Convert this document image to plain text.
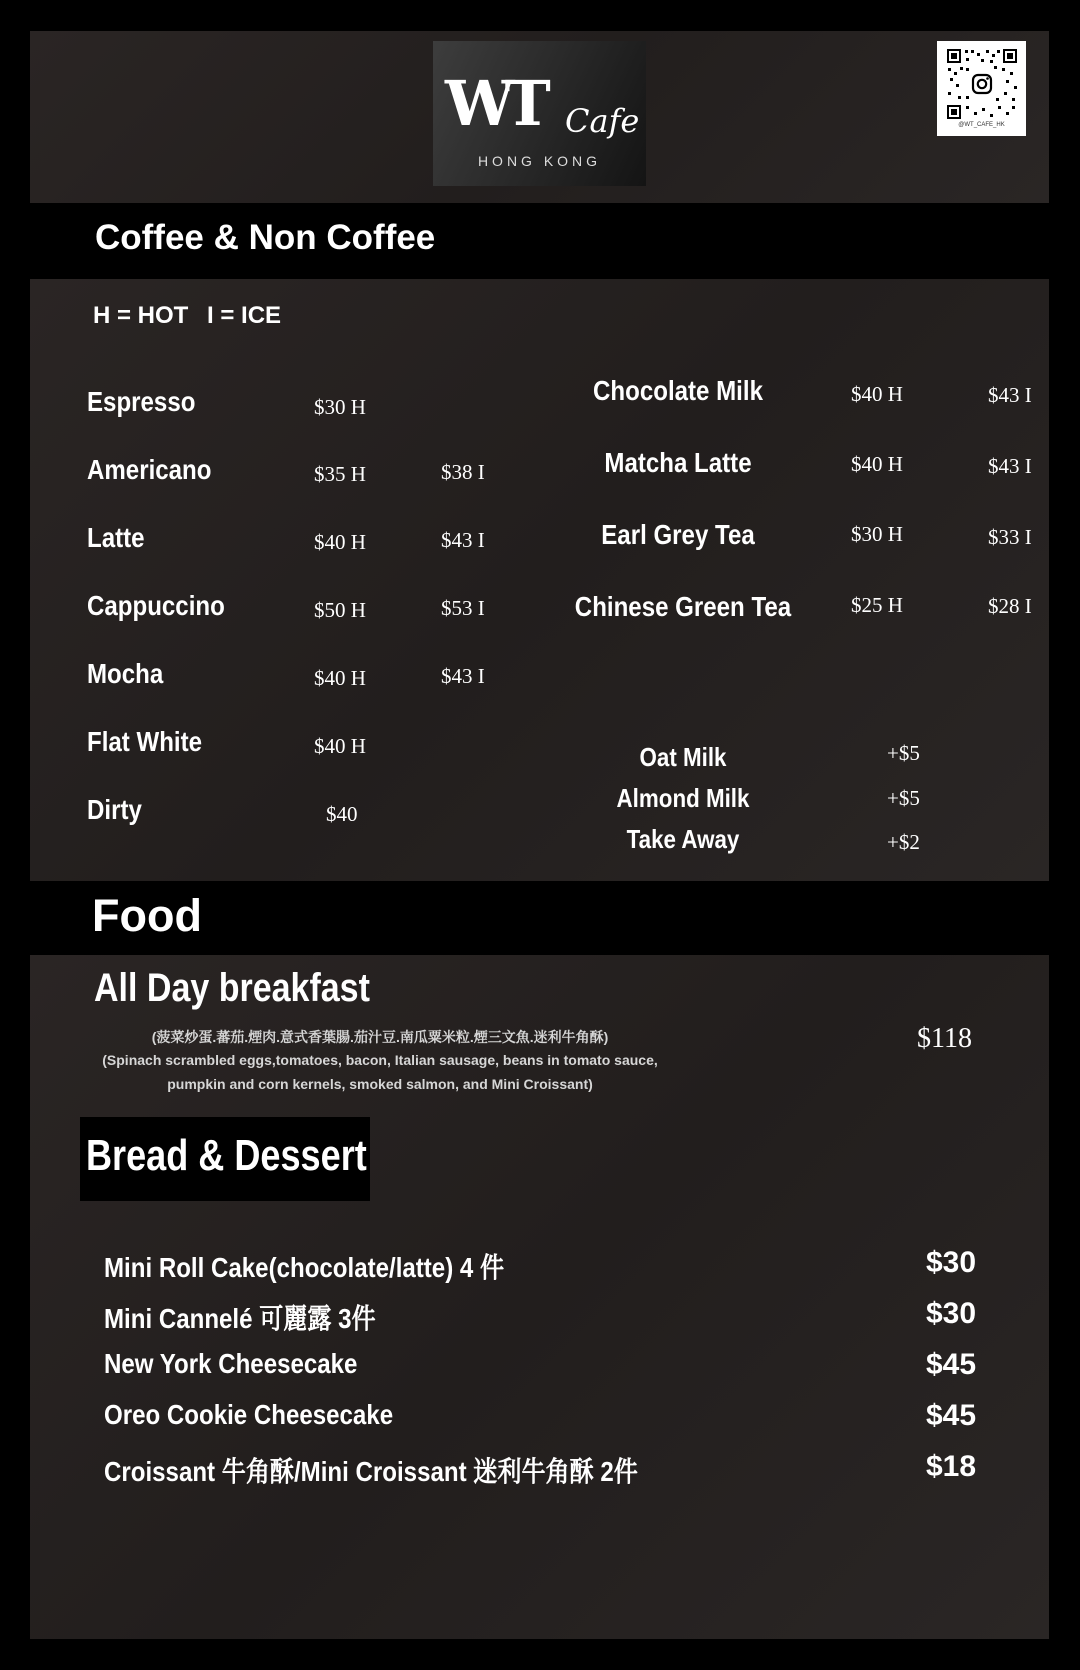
WT Cafe
HONG KONG
@WT_CAFE_HK
Coffee & Non Coffee
H = HOT I = ICE
Espresso	$30 H
Americano	$35 H	$38 I
Latte	$40 H	$43 I
Cappuccino	$50 H	$53 I
Mocha	$40 H	$43 I
Flat White	$40 H
Dirty	$40
Chocolate Milk	$40 H	$43 I
Matcha Latte	$40 H	$43 I
Earl Grey Tea	$30 H	$33 I
Chinese Green Tea	$25 H	$28 I
Oat Milk	+$5
Almond Milk	+$5
Take Away	+$2
Food
All Day breakfast
(菠菜炒蛋.蕃茄.煙肉.意式香葉腸.茄汁豆.南瓜粟米粒.煙三文魚.迷利牛角酥)
(Spinach scrambled eggs,tomatoes, bacon, Italian sausage, beans in tomato sauce,
pumpkin and corn kernels, smoked salmon, and Mini Croissant)
$118
Bread & Dessert
Mini Roll Cake(chocolate/latte) 4 件	$30
Mini Cannelé 可麗露 3件	$30
New York Cheesecake	$45
Oreo Cookie Cheesecake	$45
Croissant 牛角酥/Mini Croissant 迷利牛角酥 2件	$18
